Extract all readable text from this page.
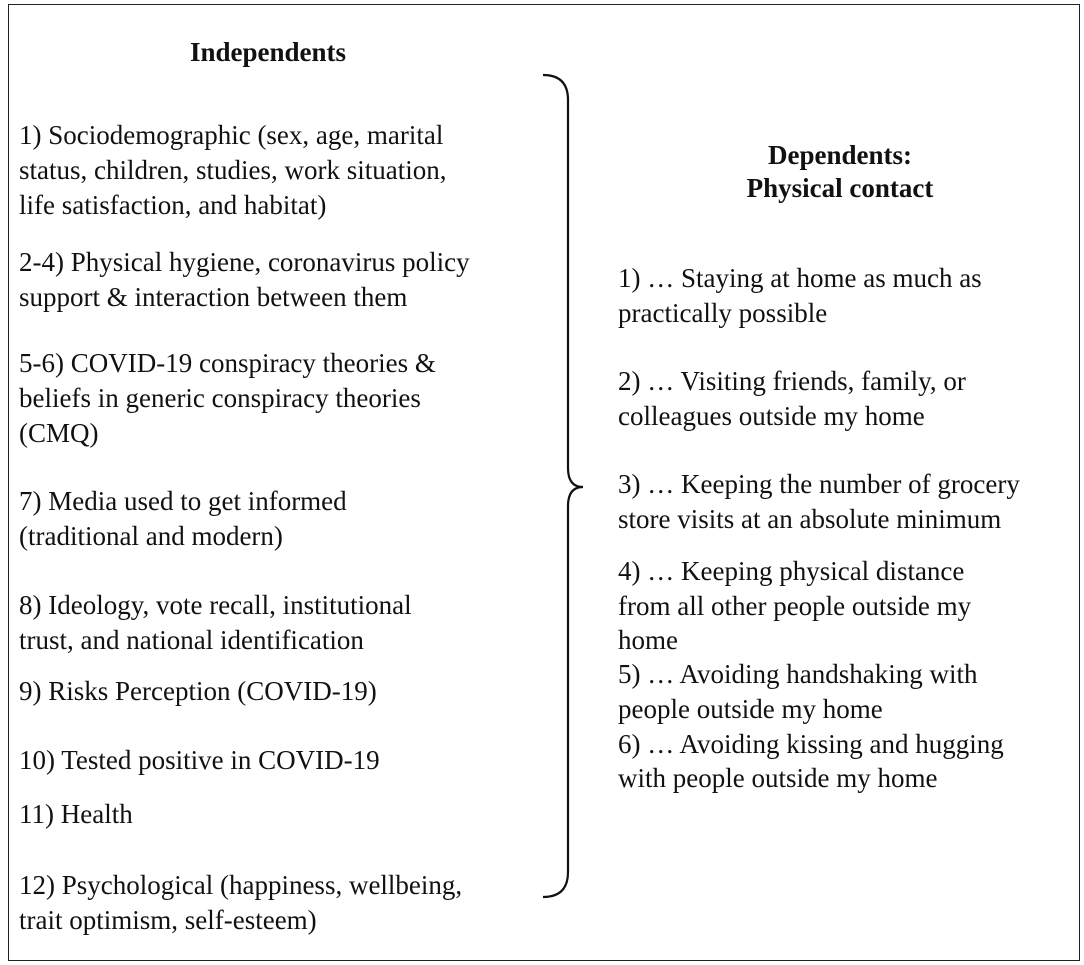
Independents
1) Sociodemographic (sex, age, marital
status, children, studies, work situation,
life satisfaction, and habitat)
2-4) Physical hygiene, coronavirus policy
support & interaction between them
5-6) COVID-19 conspiracy theories &
beliefs in generic conspiracy theories
(CMQ)
7) Media used to get informed
(traditional and modern)
8) Ideology, vote recall, institutional
trust, and national identification
9) Risks Perception (COVID-19)
10) Tested positive in COVID-19
11) Health
12) Psychological (happiness, wellbeing,
trait optimism, self-esteem)
Dependents:
Physical contact
1) … Staying at home as much as
practically possible
2) … Visiting friends, family, or
colleagues outside my home
3) … Keeping the number of grocery
store visits at an absolute minimum
4) … Keeping physical distance
from all other people outside my
home
5) … Avoiding handshaking with
people outside my home
6) … Avoiding kissing and hugging
with people outside my home
